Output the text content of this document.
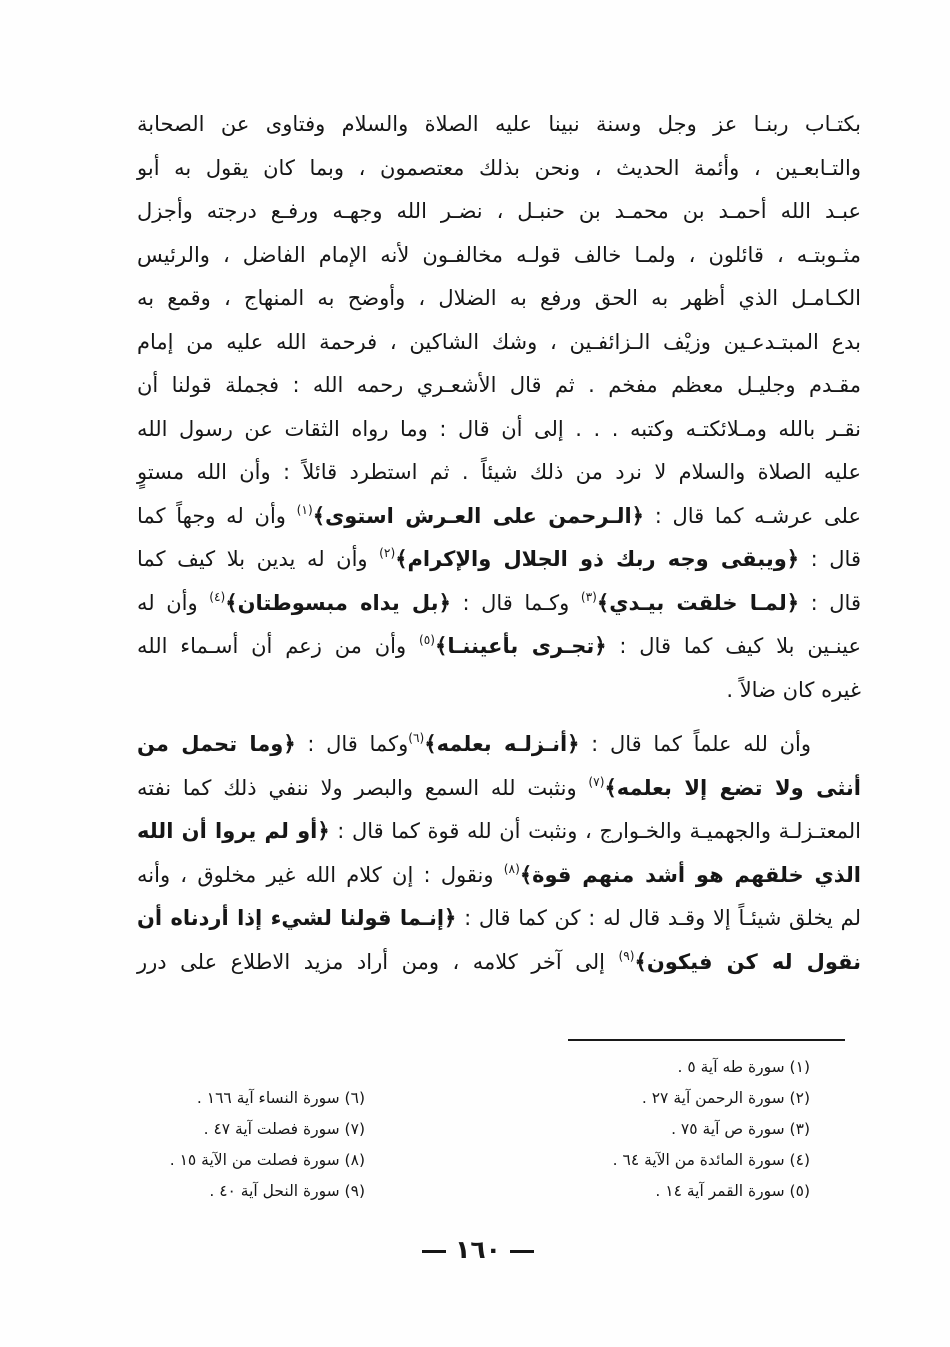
بكتـاب ربنـا عز وجل وسنة نبينا عليه الصلاة والسلام وفتاوى عن الصحابة
والتـابعـين ، وأئمة الحديث ، ونحن بذلك معتصمون ، وبما كان يقول به أبو
عبـد الله أحمـد بن محمـد بن حنبـل ، نضـر الله وجهـه ورفـع درجته وأجزل
مثـوبتـه ، قائلون ، ولمـا خالف قولـه مخالفـون لأنه الإمام الفاضل ، والرئيس
الكـامـل الذي أظهر به الحق ورفع به الضلال ، وأوضح به المنهاج ، وقمع به
بدع المبتـدعـين وزيْف الـزائفـين ، وشك الشاكين ، فرحمة الله عليه من إمام
مقـدم وجليـل معظم مفخم . ثم قال الأشعـري رحمه الله : فجملة قولنا أن
نقـر بالله ومـلائكتـه وكتبه . . . إلى أن قال : وما رواه الثقات عن رسول الله
عليه الصلاة والسلام لا نرد من ذلك شيئاً . ثم استطرد قائلاً : وأن الله مستوٍ
على عرشـه كما قال : ﴿الـرحمن على العـرش استوى﴾$^{(١)}$ وأن له وجهاً كما
قال : ﴿ويبقى وجه ربك ذو الجلال والإكرام﴾$^{(٢)}$ وأن له يدين بلا كيف كما
قال : ﴿لمـا خلقت بيـدي﴾$^{(٣)}$ وكـما قال : ﴿بل يداه مبسوطتان﴾$^{(٤)}$ وأن له
عينـين بلا كيف كما قال : ﴿تجـرى بأعيننـا﴾$^{(٥)}$ وأن من زعم أن أسـماء الله
غيره كان ضالاً .
وأن لله علماً كما قال : ﴿أنـزلـه بعلمه﴾$^{(٦)}$وكما قال : ﴿وما تحمل من
أنثى ولا تضع إلا بعلمه﴾$^{(٧)}$ ونثبت لله السمع والبصر ولا ننفي ذلك كما نفته
المعتـزلـة والجهميـة والخـوارج ، ونثبت أن لله قوة كما قال : ﴿أو لم يروا أن الله
الذي خلقهم هو أشد منهم قوة﴾$^{(٨)}$ ونقول : إن كلام الله غير مخلوق ، وأنه
لم يخلق شيئـاً إلا وقـد قال له : كن كما قال : ﴿إنـما قولنا لشيء إذا أردناه أن
نقول له كن فيكون﴾$^{(٩)}$ إلى آخر كلامه ، ومن أراد مزيد الاطلاع على درر
(١) سورة طه آية ٥ .
(٢) سورة الرحمن آية ٢٧ .
(٣) سورة ص آية ٧٥ .
(٤) سورة المائدة من الآية ٦٤ .
(٥) سورة القمر آية ١٤ .
(٦) سورة النساء آية ١٦٦ .
(٧) سورة فصلت آية ٤٧ .
(٨) سورة فصلت من الآية ١٥ .
(٩) سورة النحل آية ٤٠ .
١٦٠
